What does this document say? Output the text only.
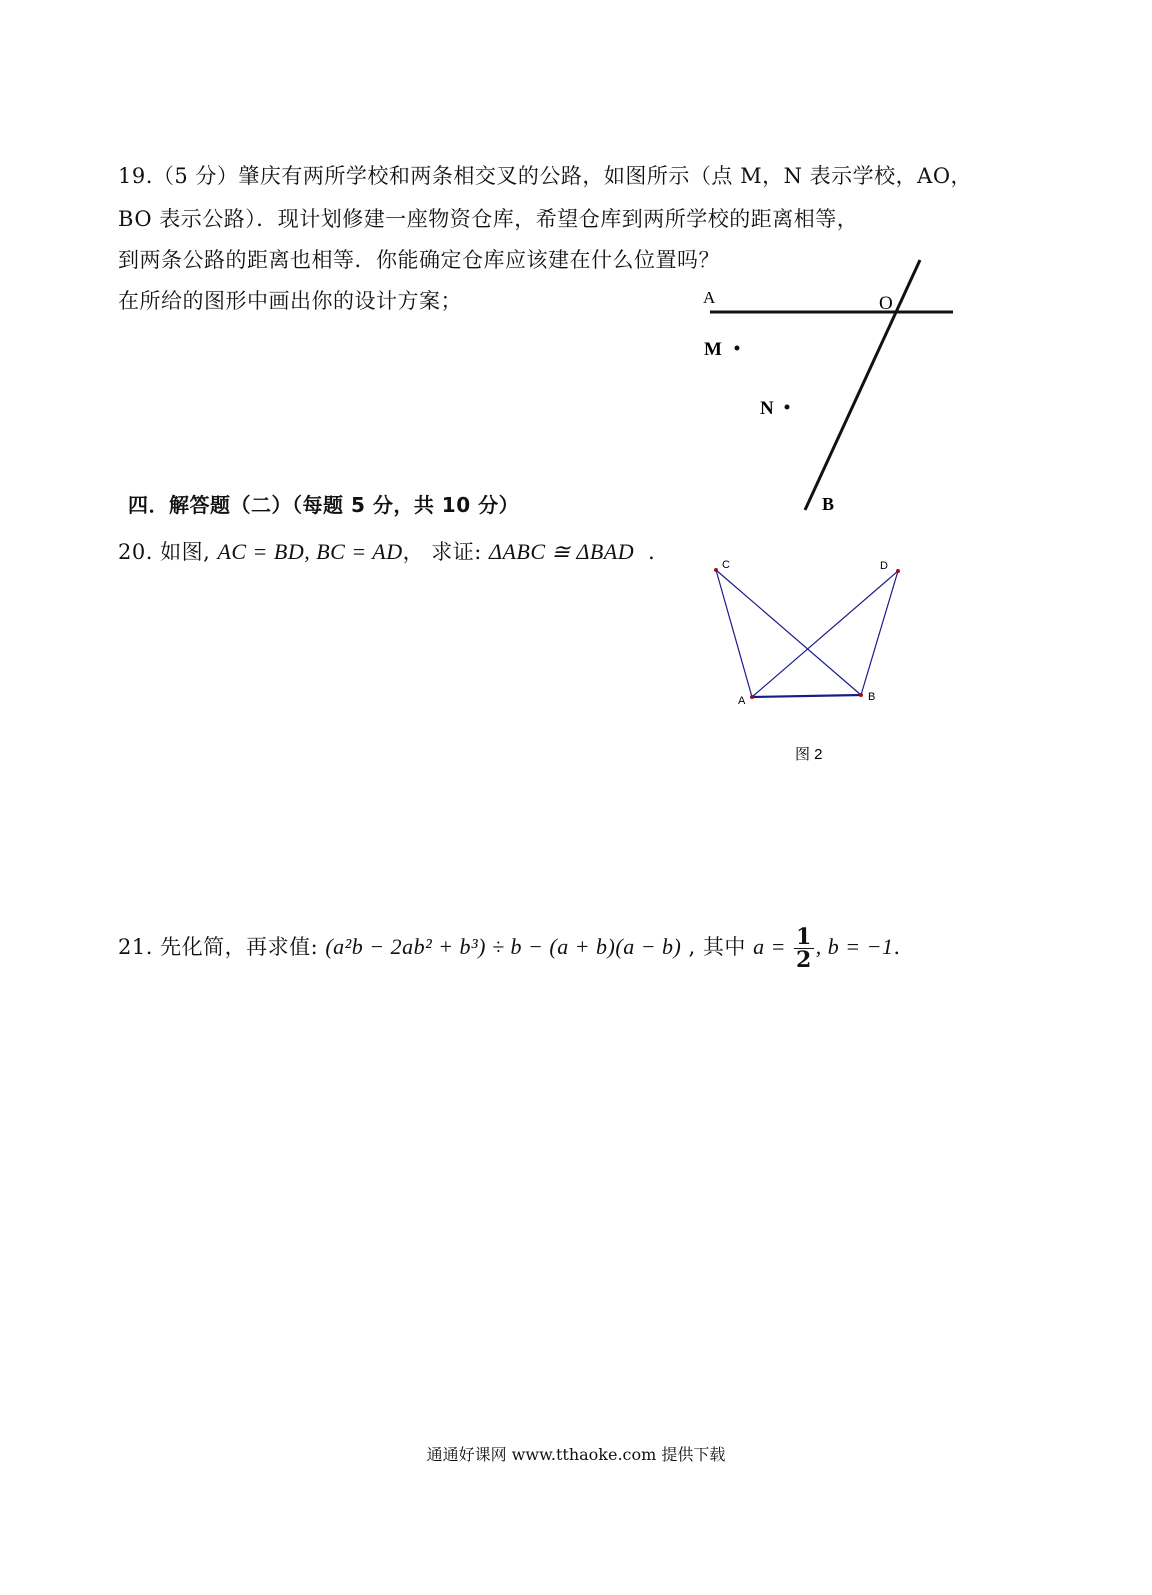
19.（5 分）肇庆有两所学校和两条相交叉的公路，如图所示（点 M，N 表示学校，AO，
BO 表示公路）．现计划修建一座物资仓库，希望仓库到两所学校的距离相等，
到两条公路的距离也相等．你能确定仓库应该建在什么位置吗？
在所给的图形中画出你的设计方案；
四．解答题（二）（每题 5 分，共 10 分）
20. 如图, AC = BD, BC = AD， 求证: ΔABC ≅ ΔBAD ．
21. 先化简，再求值: (a²b − 2ab² + b³) ÷ b − (a + b)(a − b) , 其中 $a = \frac{1}{2}$ , b = −1．
A	O
M
N
B
C	D
A	B
图 2
通通好课网 www.tthaoke.com 提供下载
